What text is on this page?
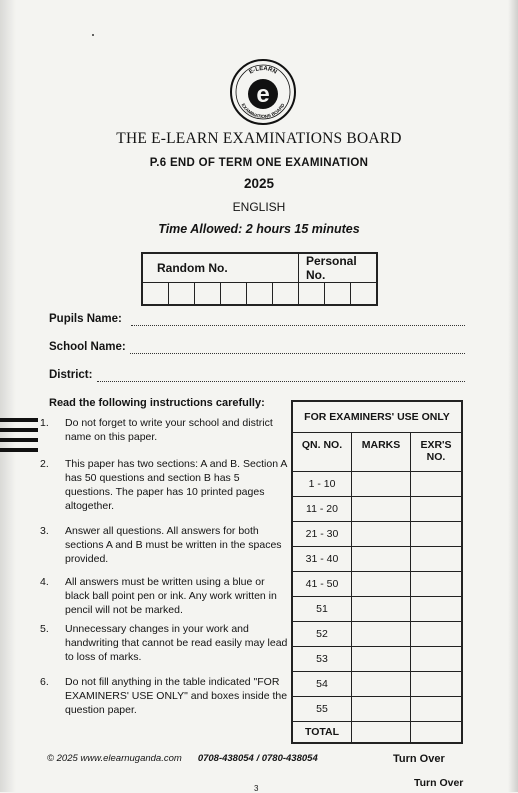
E-LEARN
EXAMINATIONS BOARD
e
THE E-LEARN EXAMINATIONS BOARD
P.6 END OF TERM ONE EXAMINATION
2025
ENGLISH
Time Allowed: 2 hours 15 minutes
Random No.						Personal No.		

Pupils Name:
School Name:
District:
Read the following instructions carefully:
1. Do not forget to write your school and district name on this paper.
2. This paper has two sections: A and B. Section A has 50 questions and section B has 5 questions. The paper has 10 printed pages altogether.
3. Answer all questions. All answers for both sections A and B must be written in the spaces provided.
4. All answers must be written using a blue or black ball point pen or ink. Any work written in pencil will not be marked.
5. Unnecessary changes in your work and handwriting that cannot be read easily may lead to loss of marks.
6. Do not fill anything in the table indicated "FOR EXAMINERS' USE ONLY" and boxes inside the question paper.
FOR EXAMINERS' USE ONLY		
QN. NO.	MARKS	EXR'S NO.
1 - 10		
11 - 20		
21 - 30		
31 - 40		
41 - 50		
51		
52		
53		
54		
55		
TOTAL		
© 2025 www.elearnuganda.com 0708-438054 / 0780-438054	Turn Over
Turn Over
3
